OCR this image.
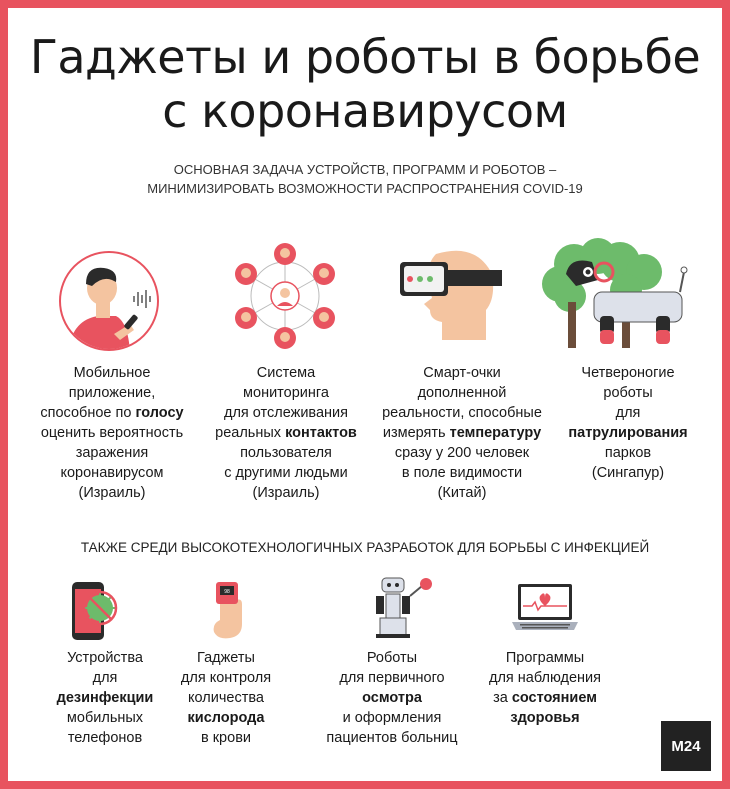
Гаджеты и роботы в борьбе
с коронавирусом
ОСНОВНАЯ ЗАДАЧА УСТРОЙСТВ, ПРОГРАММ И РОБОТОВ –
МИНИМИЗИРОВАТЬ ВОЗМОЖНОСТИ РАСПРОСТРАНЕНИЯ COVID-19
Мобильное
приложение,
способное по голосу
оценить вероятность
заражения
коронавирусом
(Израиль)
Система
мониторинга
для отслеживания
реальных контактов
пользователя
с другими людьми
(Израиль)
Смарт-очки
дополненной
реальности, способные
измерять температуру
сразу у 200 человек
в поле видимости
(Китай)
Четвероногие
роботы
для
патрулирования
парков
(Сингапур)
ТАКЖЕ СРЕДИ ВЫСОКОТЕХНОЛОГИЧНЫХ РАЗРАБОТОК ДЛЯ БОРЬБЫ С ИНФЕКЦИЕЙ
98
Устройства
для
дезинфекции
мобильных
телефонов
Гаджеты
для контроля
количества
кислорода
в крови
Роботы
для первичного
осмотра
и оформления
пациентов больниц
Программы
для наблюдения
за состоянием
здоровья
M24
